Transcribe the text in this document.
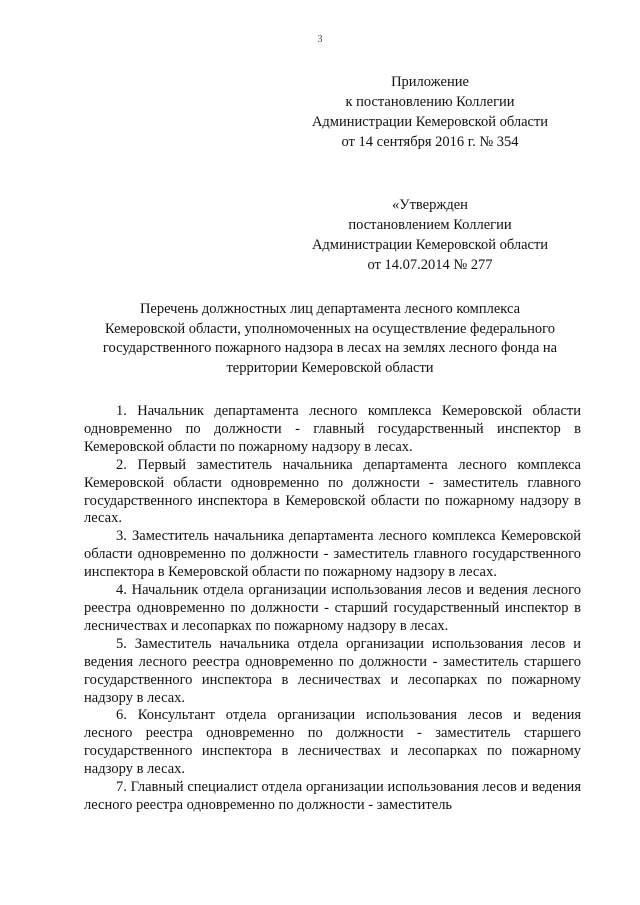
3
Приложение
к постановлению Коллегии
Администрации Кемеровской области
от 14 сентября 2016 г. № 354
«Утвержден
постановлением Коллегии
Администрации Кемеровской области
от 14.07.2014 № 277
Перечень должностных лиц департамента лесного комплекса
Кемеровской области, уполномоченных на осуществление федерального
государственного пожарного надзора в лесах на землях лесного фонда на
территории Кемеровской области

1. Начальник департамента лесного комплекса Кемеровской области одновременно по должности - главный государственный инспектор в Кемеровской области по пожарному надзору в лесах.

2. Первый заместитель начальника департамента лесного комплекса Кемеровской области одновременно по должности - заместитель главного государственного инспектора в Кемеровской области по пожарному надзору в лесах.

3. Заместитель начальника департамента лесного комплекса Кемеровской области одновременно по должности - заместитель главного государственного инспектора в Кемеровской области по пожарному надзору в лесах.

4. Начальник отдела организации использования лесов и ведения лесного реестра одновременно по должности - старший государственный инспектор в лесничествах и лесопарках по пожарному надзору в лесах.

5. Заместитель начальника отдела организации использования лесов и ведения лесного реестра одновременно по должности - заместитель старшего государственного инспектора в лесничествах и лесопарках по пожарному надзору в лесах.

6. Консультант отдела организации использования лесов и ведения лесного реестра одновременно по должности - заместитель старшего государственного инспектора в лесничествах и лесопарках по пожарному надзору в лесах.

7. Главный специалист отдела организации использования лесов и ведения лесного реестра одновременно по должности - заместитель
